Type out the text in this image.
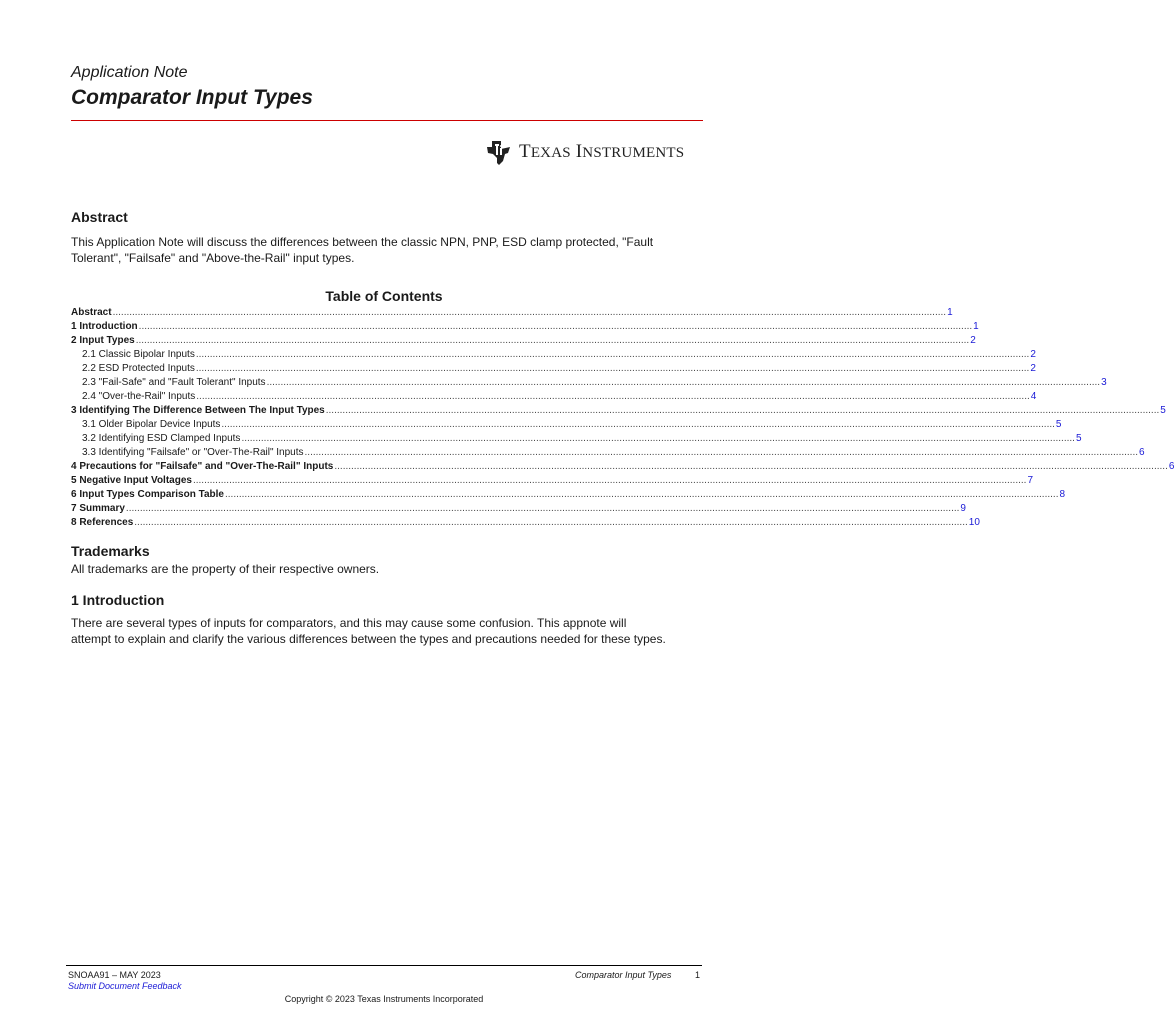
Application Note
Comparator Input Types
TEXAS INSTRUMENTS
Abstract
This Application Note will discuss the differences between the classic NPN, PNP, ESD clamp protected, "Fault
Tolerant", "Failsafe" and "Above-the-Rail" input types.
Table of Contents
Abstract ............................................................................................................................................................................................................................................................................................................ 1
1 Introduction ............................................................................................................................................................................................................................................................................................................ 1
2 Input Types ............................................................................................................................................................................................................................................................................................................ 2
2.1 Classic Bipolar Inputs ............................................................................................................................................................................................................................................................................................................ 2
2.2 ESD Protected Inputs ............................................................................................................................................................................................................................................................................................................ 2
2.3 "Fail-Safe" and "Fault Tolerant" Inputs ............................................................................................................................................................................................................................................................................................................ 3
2.4 "Over-the-Rail" Inputs ............................................................................................................................................................................................................................................................................................................ 4
3 Identifying The Difference Between The Input Types ............................................................................................................................................................................................................................................................................................................ 5
3.1 Older Bipolar Device Inputs ............................................................................................................................................................................................................................................................................................................ 5
3.2 Identifying ESD Clamped Inputs ............................................................................................................................................................................................................................................................................................................ 5
3.3 Identifying "Failsafe" or "Over-The-Rail" Inputs ............................................................................................................................................................................................................................................................................................................ 6
4 Precautions for "Failsafe" and "Over-The-Rail" Inputs ............................................................................................................................................................................................................................................................................................................ 6
5 Negative Input Voltages ............................................................................................................................................................................................................................................................................................................ 7
6 Input Types Comparison Table ............................................................................................................................................................................................................................................................................................................ 8
7 Summary ............................................................................................................................................................................................................................................................................................................ 9
8 References ............................................................................................................................................................................................................................................................................................................ 10
Trademarks
All trademarks are the property of their respective owners.
1 Introduction
There are several types of inputs for comparators, and this may cause some confusion. This appnote will
attempt to explain and clarify the various differences between the types and precautions needed for these types.
SNOAA91 – MAY 2023
Submit Document Feedback
Comparator Input Types	1
Copyright © 2023 Texas Instruments Incorporated
